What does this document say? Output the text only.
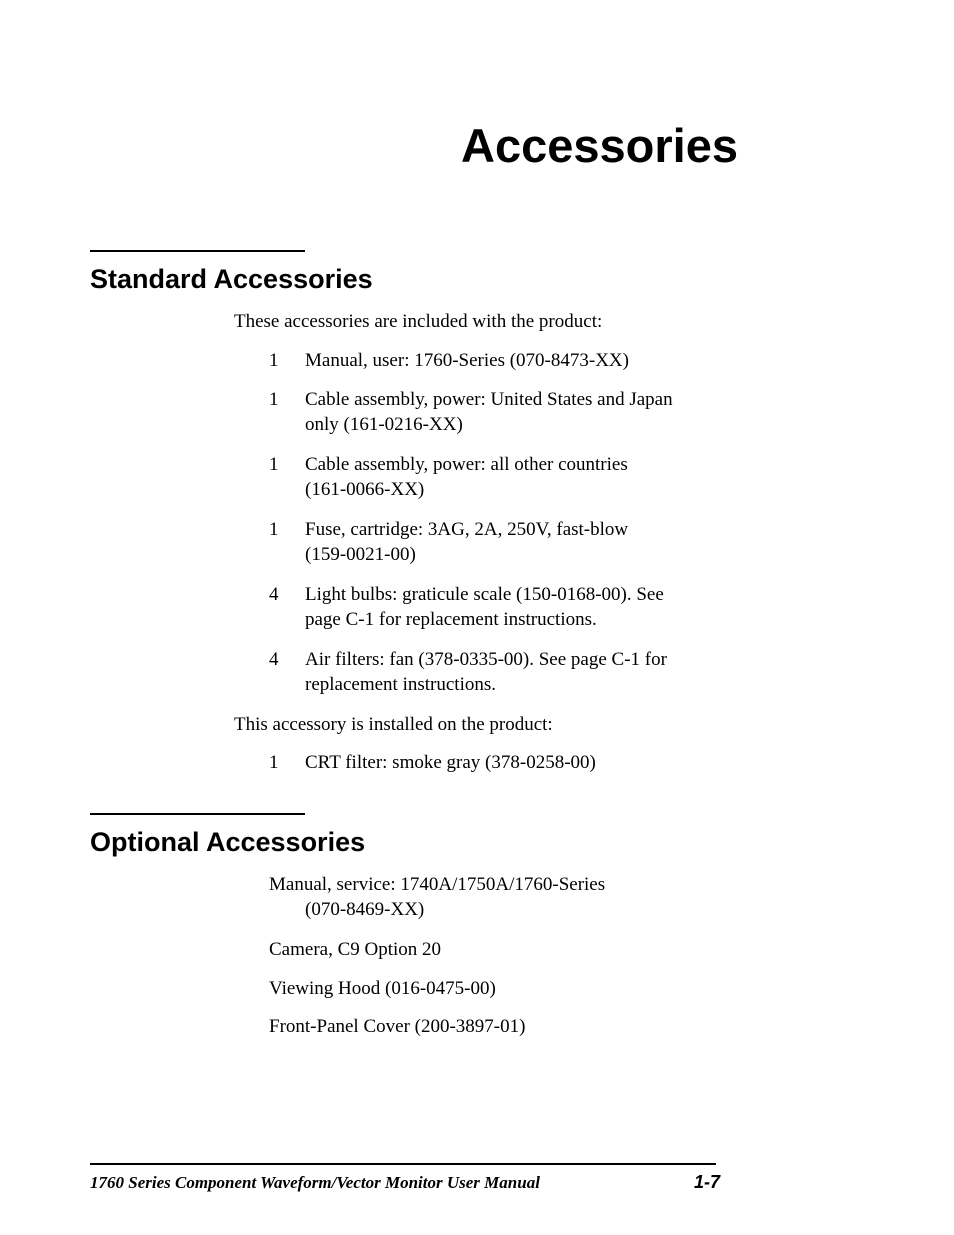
Accessories
Standard Accessories

These accessories are included with the product:

1	Manual, user: 1760-Series (070-8473-XX)
1	Cable assembly, power: United States and Japan
only (161-0216-XX)
1	Cable assembly, power: all other countries
(161-0066-XX)
1	Fuse, cartridge: 3AG, 2A, 250V, fast-blow
(159-0021-00)
4	Light bulbs: graticule scale (150-0168-00). See
page C-1 for replacement instructions.
4	Air filters: fan (378-0335-00). See page C-1 for
replacement instructions.

This accessory is installed on the product:

1	CRT filter: smoke gray (378-0258-00)
Optional Accessories
Manual, service: 1740A/1750A/1760-Series
(070-8469-XX)
Camera, C9 Option 20
Viewing Hood (016-0475-00)
Front-Panel Cover (200-3897-01)
1760 Series Component Waveform/Vector Monitor User Manual	1-7
